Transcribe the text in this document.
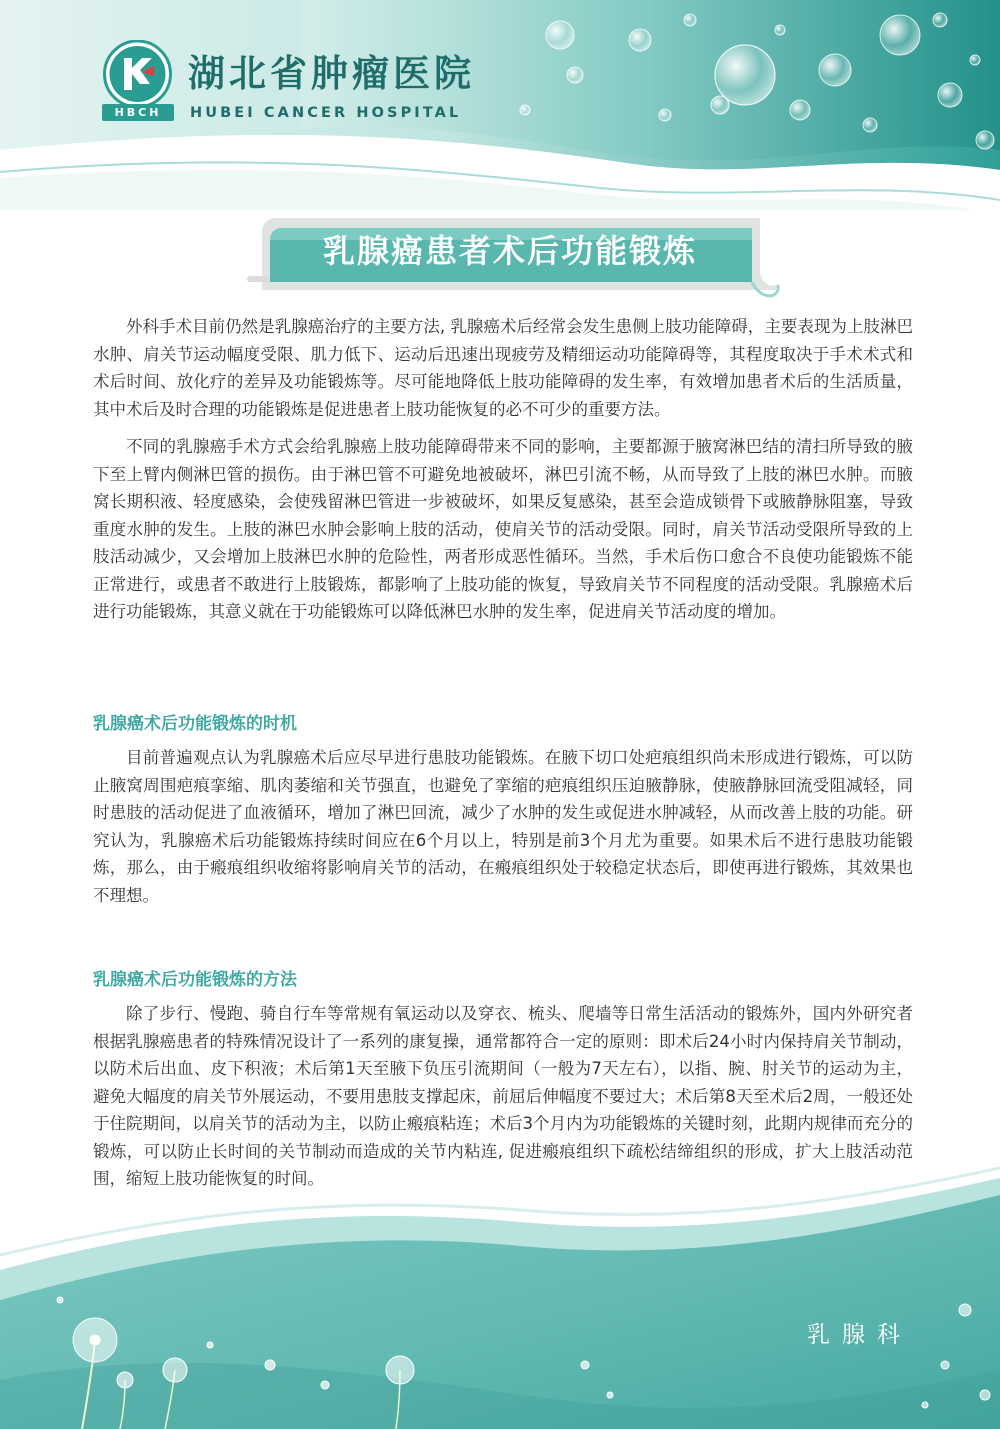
HBCH
湖北省肿瘤医院
HUBEI CANCER HOSPITAL
乳腺癌患者术后功能锻炼

外科手术目前仍然是乳腺癌治疗的主要方法, 乳腺癌术后经常会发生患侧上肢功能障碍，主要表现为上肢淋巴水肿、肩关节运动幅度受限、肌力低下、运动后迅速出现疲劳及精细运动功能障碍等，其程度取决于手术术式和术后时间、放化疗的差异及功能锻炼等。尽可能地降低上肢功能障碍的发生率，有效增加患者术后的生活质量，其中术后及时合理的功能锻炼是促进患者上肢功能恢复的必不可少的重要方法。

不同的乳腺癌手术方式会给乳腺癌上肢功能障碍带来不同的影响，主要都源于腋窝淋巴结的清扫所导致的腋下至上臂内侧淋巴管的损伤。由于淋巴管不可避免地被破坏，淋巴引流不畅，从而导致了上肢的淋巴水肿。而腋窝长期积液、轻度感染，会使残留淋巴管进一步被破坏，如果反复感染，甚至会造成锁骨下或腋静脉阻塞，导致重度水肿的发生。上肢的淋巴水肿会影响上肢的活动，使肩关节的活动受限。同时，肩关节活动受限所导致的上肢活动减少，又会增加上肢淋巴水肿的危险性，两者形成恶性循环。当然，手术后伤口愈合不良使功能锻炼不能正常进行，或患者不敢进行上肢锻炼，都影响了上肢功能的恢复，导致肩关节不同程度的活动受限。乳腺癌术后进行功能锻炼，其意义就在于功能锻炼可以降低淋巴水肿的发生率，促进肩关节活动度的增加。

乳腺癌术后功能锻炼的时机

目前普遍观点认为乳腺癌术后应尽早进行患肢功能锻炼。在腋下切口处疤痕组织尚未形成进行锻炼，可以防止腋窝周围疤痕挛缩、肌肉萎缩和关节强直，也避免了挛缩的疤痕组织压迫腋静脉，使腋静脉回流受阻减轻，同时患肢的活动促进了血液循环，增加了淋巴回流，减少了水肿的发生或促进水肿减轻，从而改善上肢的功能。研究认为，乳腺癌术后功能锻炼持续时间应在6个月以上，特别是前3个月尤为重要。如果术后不进行患肢功能锻炼，那么，由于瘢痕组织收缩将影响肩关节的活动，在瘢痕组织处于较稳定状态后，即使再进行锻炼，其效果也不理想。

乳腺癌术后功能锻炼的方法

除了步行、慢跑、骑自行车等常规有氧运动以及穿衣、梳头、爬墙等日常生活活动的锻炼外，国内外研究者根据乳腺癌患者的特殊情况设计了一系列的康复操，通常都符合一定的原则：即术后24小时内保持肩关节制动，以防术后出血、皮下积液；术后第1天至腋下负压引流期间（一般为7天左右），以指、腕、肘关节的运动为主，避免大幅度的肩关节外展运动，不要用患肢支撑起床，前屈后伸幅度不要过大；术后第8天至术后2周，一般还处于住院期间，以肩关节的活动为主，以防止瘢痕粘连；术后3个月内为功能锻炼的关键时刻，此期内规律而充分的锻炼，可以防止长时间的关节制动而造成的关节内粘连, 促进瘢痕组织下疏松结缔组织的形成，扩大上肢活动范围，缩短上肢功能恢复的时间。

乳腺科
